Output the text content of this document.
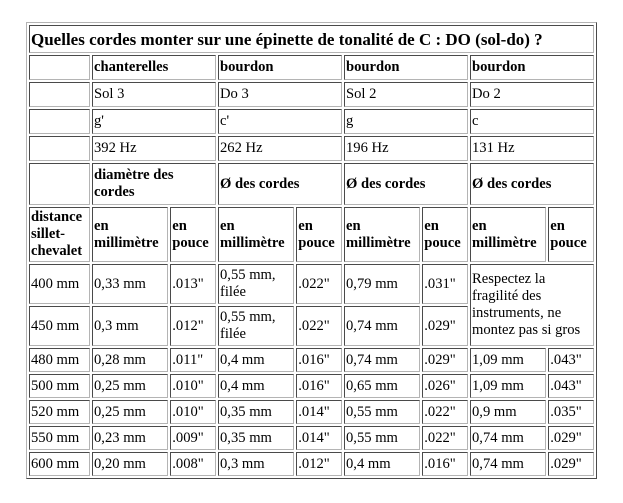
Quelles cordes monter sur une épinette de tonalité de C : DO (sol-do) ?								
	chanterelles		bourdon		bourdon		bourdon	
	Sol 3		Do 3		Sol 2		Do 2	
	g'		c'		g		c	
	392 Hz		262 Hz		196 Hz		131 Hz	
	diamètre des cordes		Ø des cordes		Ø des cordes		Ø des cordes	
distance sillet-chevalet	en millimètre	en pouce	en millimètre	en pouce	en millimètre	en pouce	en millimètre	en pouce
400 mm	0,33 mm	.013"	0,55 mm, filée	.022"	0,79 mm	.031"	Respectez la fragilité des instruments, ne montez pas si gros	
450 mm	0,3 mm	.012"	0,55 mm, filée	.022"	0,74 mm	.029"		
480 mm	0,28 mm	.011"	0,4 mm	.016"	0,74 mm	.029"	1,09 mm	.043"
500 mm	0,25 mm	.010"	0,4 mm	.016"	0,65 mm	.026"	1,09 mm	.043"
520 mm	0,25 mm	.010"	0,35 mm	.014"	0,55 mm	.022"	0,9 mm	.035"
550 mm	0,23 mm	.009"	0,35 mm	.014"	0,55 mm	.022"	0,74 mm	.029"
600 mm	0,20 mm	.008"	0,3 mm	.012"	0,4 mm	.016"	0,74 mm	.029"
